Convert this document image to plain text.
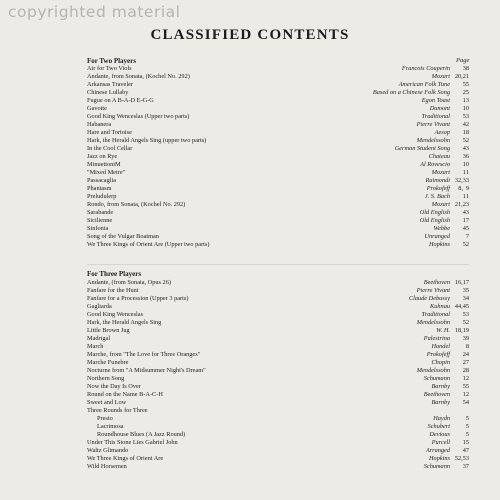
copyrighted material
CLASSIFIED CONTENTS
For Two Players	Page
Air for Two Viols	Francois Couperin 38
Andante, from Sonata, (Kochel No. 292)	Mozart 20,21
Arkansas Traveler	American Folk Tune 55
Chinese Lullaby	Based on a Chinese Folk Song 25
Fugue on A B-A-D E-G-G	Egon Toast 13
Gavotte	Dumont 10
Good King Wenceslas (Upper two parts)	Traditional 53
Habanera	Pierre Vivant 42
Hare and Tortoise	Aesop 18
Hark, the Herald Angels Sing (upper two parts)	Mendelssohn 52
In the Cool Cellar	German Student Song 43
Jazz on Rye	Chateau 36
MinuettoniM	Al Rovescio 10
"Mixed Metre"	Mozart 11
Passacaglia	Raimondi 32,33
Phantasm	Prokofeff	8,9
Preludulerp	J. S. Bach 11
Rondo, from Sonata, (Kochel No. 292)	Mozart 21,23
Sarabande	Old English 43
Sicilienne	Old English 17
Sinfonia	Webbe 45
Song of the Vulgar Boatman	Unranged	7
We Three Kings of Orient Are (Upper two parts)	Hopkins 52
For Three Players
Andante, (from Sonata, Opus 26)	Beethoven 16,17
Fanfare for the Hunt	Pierre Vivant 35
Fanfare for a Procession (Upper 3 parts)	Claude Debussy 34
Gagliarda	Kuhnau 44,45
Good King Wenceslas	Traditional 53
Hark, the Herald Angels Sing	Mendelssohn 52
Little Brown Jug	W. H. 18,19
Madrigal	Palestrina 39
March	Handel	8
Marche, from "The Love for Three Oranges"	Prokofeff 24
Marche Funebre	Chopin 27
Nocturne from "A Midsummer Night's Dream"	Mendelssohn 28
Northern Song	Schumann 12
Now the Day Is Over	Barnby 55
Round on the Name B-A-C-H	Beethoven 12
Sweet and Low	Barnby 54
Three Rounds for Three
Presto	Haydn	5
Lacrimosa	Schubert	5
Roundhouse Blues (A Jazz Round)	Devious	5
Under This Stone Lies Gabriel John	Purcell 15
Waltz Glimando	Arranged 47
We Three Kings of Orient Are	Hopkins 52,53
Wild Horsemen	Schumann 37
